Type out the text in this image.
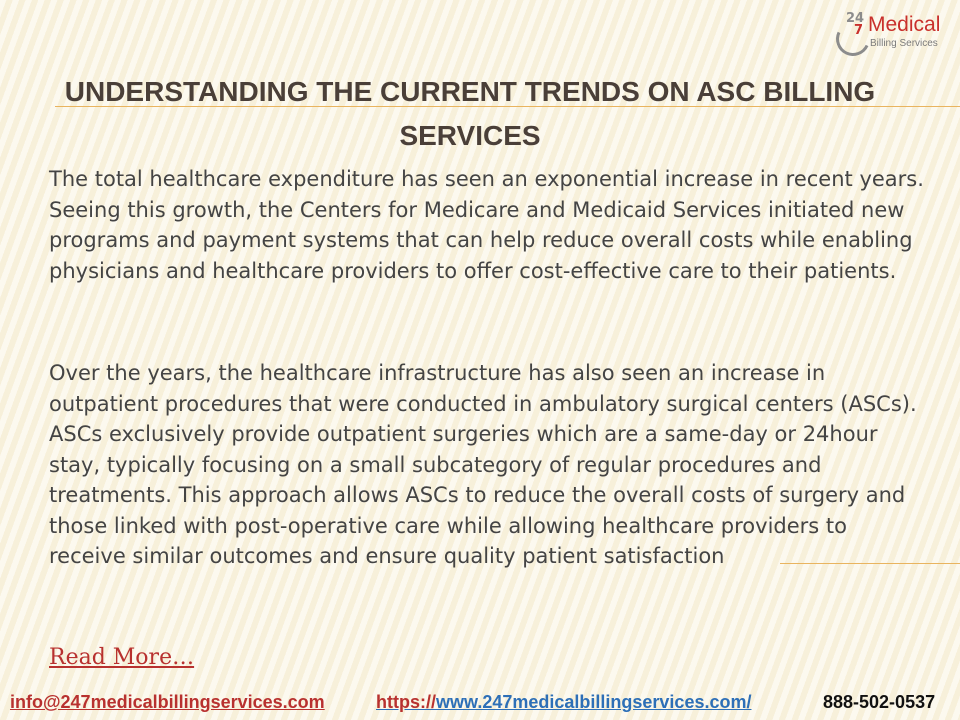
24
7 Medical
Billing Services
UNDERSTANDING THE CURRENT TRENDS ON ASC BILLING SERVICES

The total healthcare expenditure has seen an exponential increase in recent years. Seeing this growth, the Centers for Medicare and Medicaid Services initiated new programs and payment systems that can help reduce overall costs while enabling physicians and healthcare providers to offer cost-effective care to their patients.

Over the years, the healthcare infrastructure has also seen an increase in outpatient procedures that were conducted in ambulatory surgical centers (ASCs). ASCs exclusively provide outpatient surgeries which are a same-day or 24hour stay, typically focusing on a small subcategory of regular procedures and treatments. This approach allows ASCs to reduce the overall costs of surgery and those linked with post-operative care while allowing healthcare providers to receive similar outcomes and ensure quality patient satisfaction

Read More…
info@247medicalbillingservices.com	https://www.247medicalbillingservices.com/	888-502-0537
